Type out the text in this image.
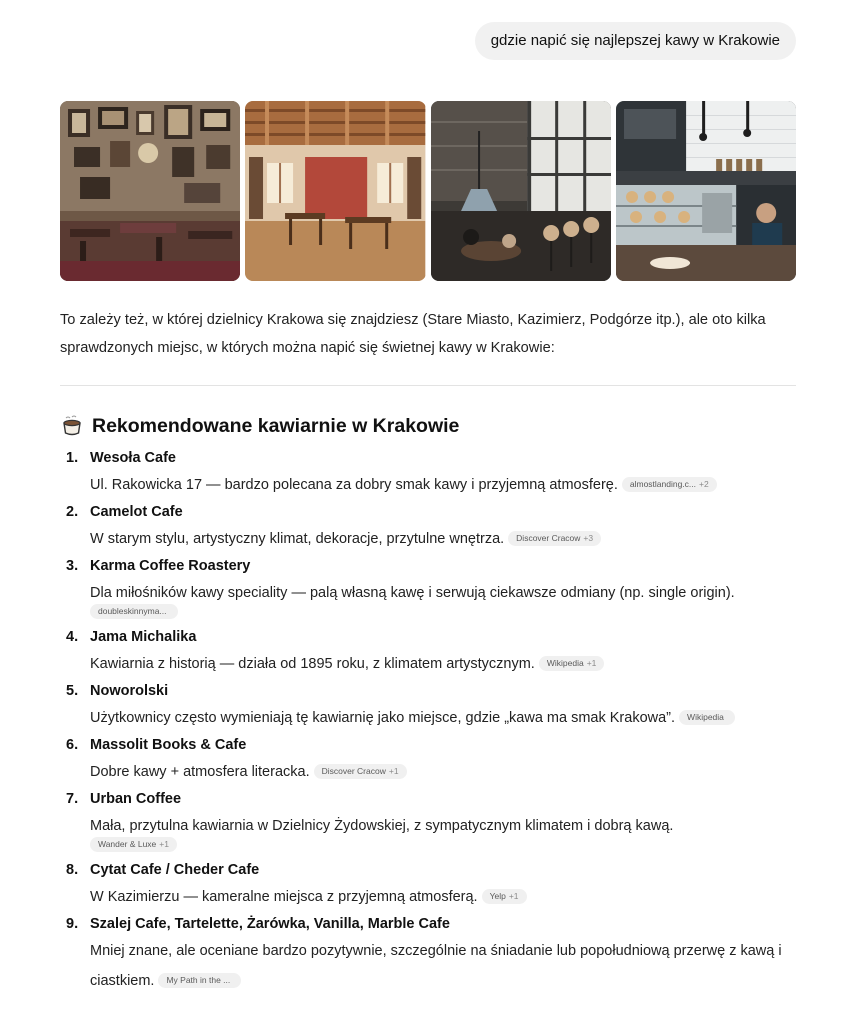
gdzie napić się najlepszej kawy w Krakowie
To zależy też, w której dzielnicy Krakowa się znajdziesz (Stare Miasto, Kazimierz, Podgórze itp.), ale oto kilka sprawdzonych miejsc, w których można napić się świetnej kawy w Krakowie:
Rekomendowane kawiarnie w Krakowie
1. Wesoła Cafe
Ul. Rakowicka 17 — bardzo polecana za dobry smak kawy i przyjemną atmosferę. almostlanding.c... +2
2. Camelot Cafe
W starym stylu, artystyczny klimat, dekoracje, przytulne wnętrza. Discover Cracow +3
3. Karma Coffee Roastery
Dla miłośników kawy speciality — palą własną kawę i serwują ciekawsze odmiany (np. single origin).
doubleskinnyma...
4. Jama Michalika
Kawiarnia z historią — działa od 1895 roku, z klimatem artystycznym. Wikipedia +1
5. Noworolski
Użytkownicy często wymieniają tę kawiarnię jako miejsce, gdzie „kawa ma smak Krakowa”. Wikipedia
6. Massolit Books & Cafe
Dobre kawy + atmosfera literacka. Discover Cracow +1
7. Urban Coffee
Mała, przytulna kawiarnia w Dzielnicy Żydowskiej, z sympatycznym klimatem i dobrą kawą.
Wander & Luxe +1
8. Cytat Cafe / Cheder Cafe
W Kazimierzu — kameralne miejsca z przyjemną atmosferą. Yelp +1
9. Szalej Cafe, Tartelette, Żarówka, Vanilla, Marble Cafe
Mniej znane, ale oceniane bardzo pozytywnie, szczególnie na śniadanie lub popołudniową przerwę z kawą i ciastkiem. My Path in the ...
